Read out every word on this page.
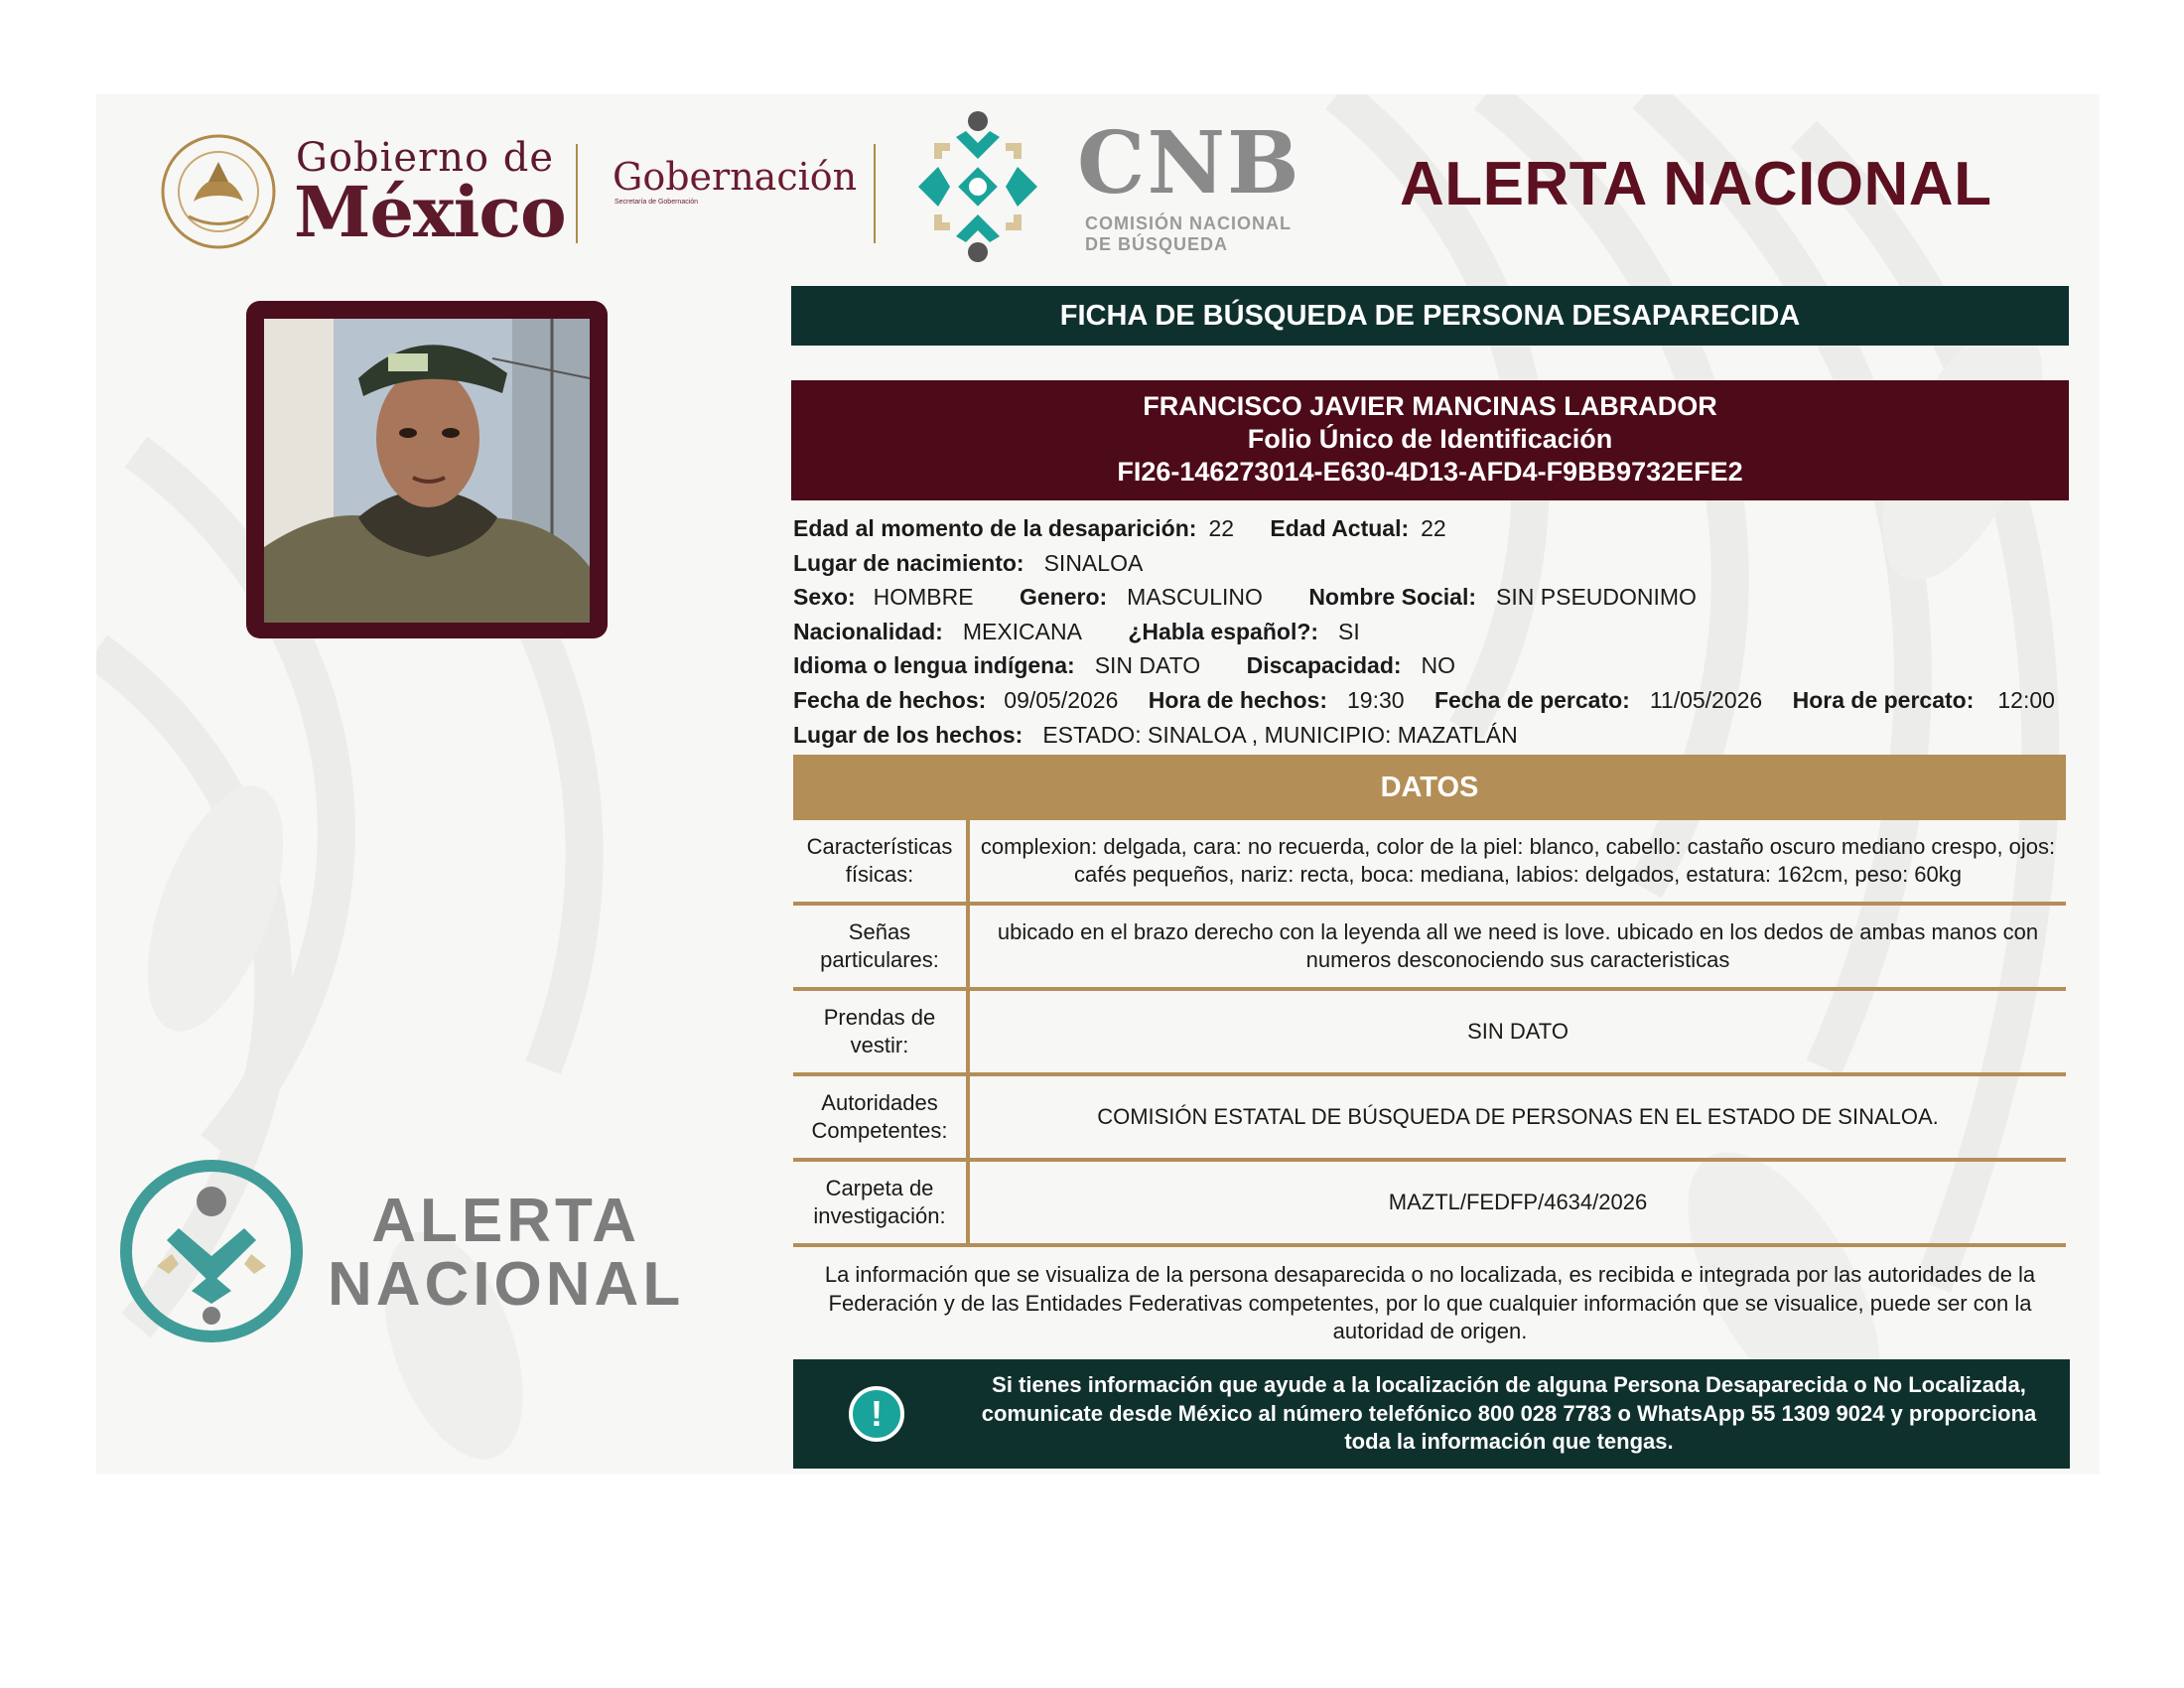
Gobierno de
México Gobernación
Secretaría de Gobernación	CNB
COMISIÓN NACIONAL
DE BÚSQUEDA
ALERTA NACIONAL
FICHA DE BÚSQUEDA DE PERSONA DESAPARECIDA
FRANCISCO JAVIER MANCINAS LABRADOR
Folio Único de Identificación
FI26-146273014-E630-4D13-AFD4-F9BB9732EFE2
Edad al momento de la desaparición: 22 Edad Actual: 22
Lugar de nacimiento: SINALOA
Sexo: HOMBRE Genero: MASCULINO Nombre Social: SIN PSEUDONIMO
Nacionalidad: MEXICANA ¿Habla español?: SI
Idioma o lengua indígena: SIN DATO Discapacidad: NO
Fecha de hechos: 09/05/2026 Hora de hechos: 19:30 Fecha de percato: 11/05/2026 Hora de percato: 12:00
Lugar de los hechos: ESTADO: SINALOA , MUNICIPIO: MAZATLÁN
DATOS
Características físicas:	complexion: delgada, cara: no recuerda, color de la piel: blanco, cabello: castaño oscuro mediano crespo, ojos: cafés pequeños, nariz: recta, boca: mediana, labios: delgados, estatura: 162cm, peso: 60kg
Señas particulares:	ubicado en el brazo derecho con la leyenda all we need is love. ubicado en los dedos de ambas manos con numeros desconociendo sus caracteristicas
Prendas de vestir:	SIN DATO
Autoridades Competentes:	COMISIÓN ESTATAL DE BÚSQUEDA DE PERSONAS EN EL ESTADO DE SINALOA.
Carpeta de investigación:	MAZTL/FEDFP/4634/2026
La información que se visualiza de la persona desaparecida o no localizada, es recibida e integrada por las autoridades de la Federación y de las Entidades Federativas competentes, por lo que cualquier información que se visualice, puede ser con la autoridad de origen.
!
Si tienes información que ayude a la localización de alguna Persona Desaparecida o No Localizada, comunicate desde México al número telefónico 800 028 7783 o WhatsApp 55 1309 9024 y proporciona toda la información que tengas.
ALERTA
NACIONAL
